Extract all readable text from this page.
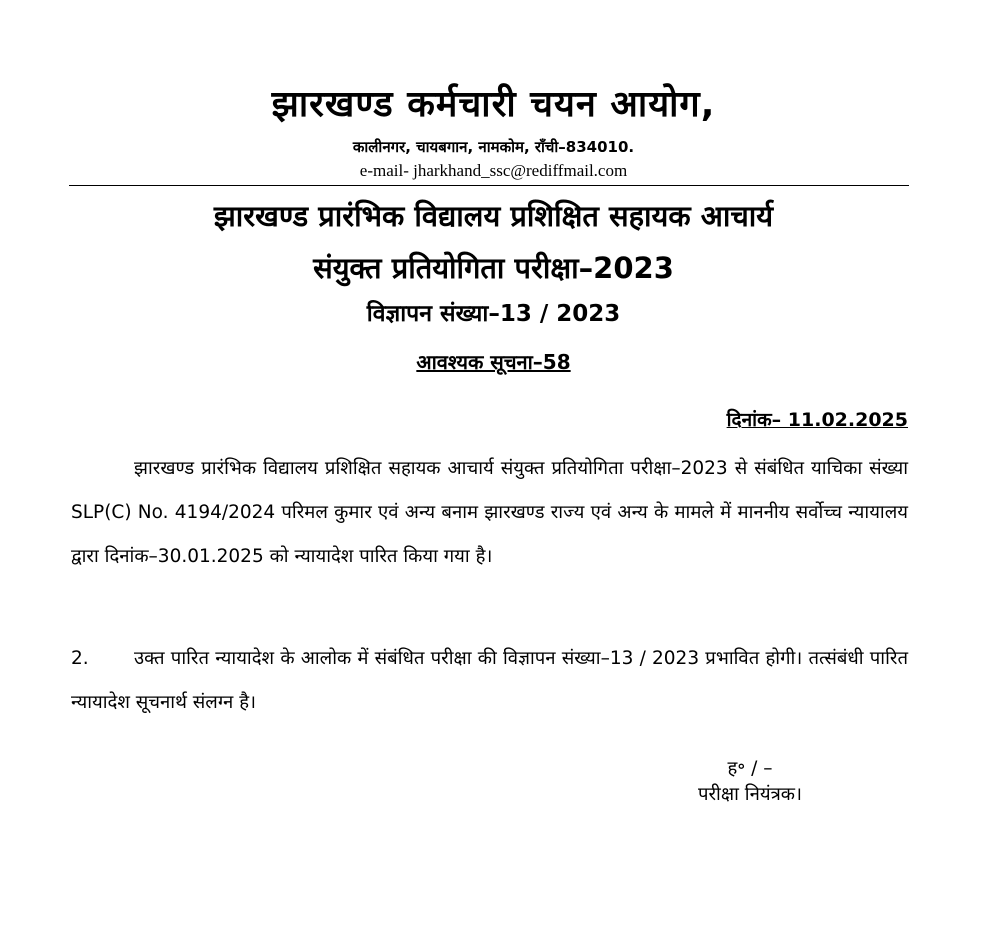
झारखण्ड कर्मचारी चयन आयोग,
कालीनगर, चायबगान, नामकोम, राँची–834010.
e-mail- jharkhand_ssc@rediffmail.com
झारखण्ड प्रारंभिक विद्यालय प्रशिक्षित सहायक आचार्य
संयुक्त प्रतियोगिता परीक्षा–2023
विज्ञापन संख्या–13 / 2023
आवश्यक सूचना–58
दिनांक– 11.02.2025

झारखण्ड प्रारंभिक विद्यालय प्रशिक्षित सहायक आचार्य संयुक्त प्रतियोगिता परीक्षा–2023 से संबंधित याचिका संख्या SLP(C) No. 4194/2024 परिमल कुमार एवं अन्य बनाम झारखण्ड राज्य एवं अन्य के मामले में माननीय सर्वोच्च न्यायालय द्वारा दिनांक–30.01.2025 को न्यायादेश पारित किया गया है।

2. उक्त पारित न्यायादेश के आलोक में संबंधित परीक्षा की विज्ञापन संख्या–13 / 2023 प्रभावित होगी। तत्संबंधी पारित न्यायादेश सूचनार्थ संलग्न है।

ह॰ / –
परीक्षा नियंत्रक।
